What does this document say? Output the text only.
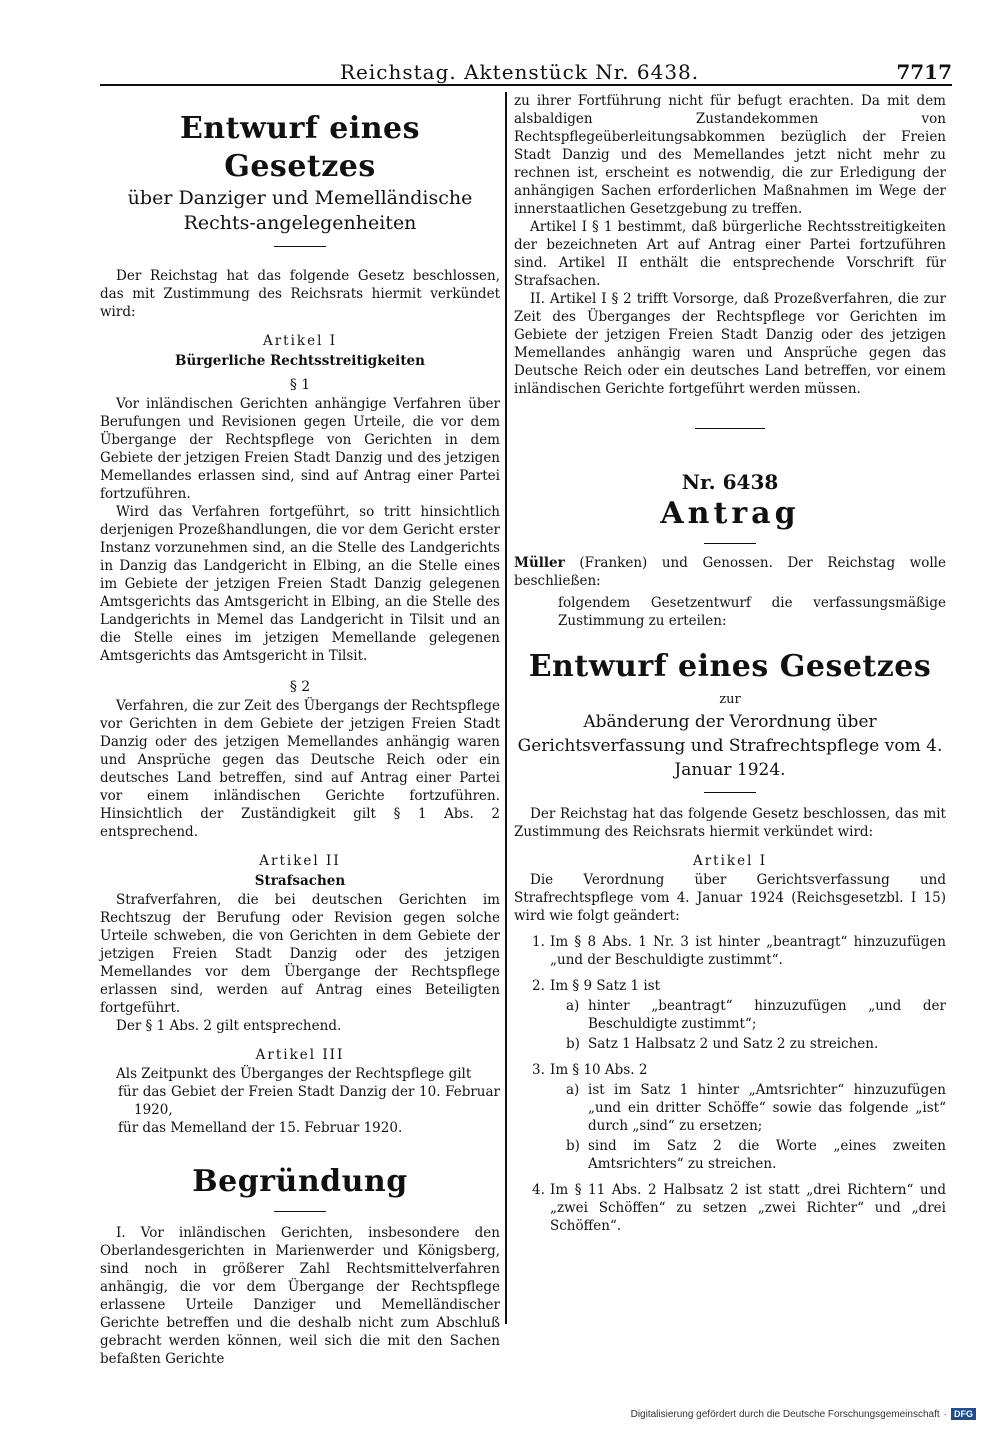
Reichstag. Aktenstück Nr. 6438.	7717
Entwurf eines Gesetzes
über Danziger und Memelländische Rechts-angelegenheiten

Der Reichstag hat das folgende Gesetz beschlossen, das mit Zustimmung des Reichsrats hiermit verkündet wird:

Artikel I
Bürgerliche Rechtsstreitigkeiten
§ 1

Vor inländischen Gerichten anhängige Verfahren über Berufungen und Revisionen gegen Urteile, die vor dem Übergange der Rechtspflege von Gerichten in dem Gebiete der jetzigen Freien Stadt Danzig und des jetzigen Memellandes erlassen sind, sind auf Antrag einer Partei fortzuführen.

Wird das Verfahren fortgeführt, so tritt hinsichtlich derjenigen Prozeßhandlungen, die vor dem Gericht erster Instanz vorzunehmen sind, an die Stelle des Landgerichts in Danzig das Landgericht in Elbing, an die Stelle eines im Gebiete der jetzigen Freien Stadt Danzig gelegenen Amtsgerichts das Amtsgericht in Elbing, an die Stelle des Landgerichts in Memel das Landgericht in Tilsit und an die Stelle eines im jetzigen Memellande gelegenen Amtsgerichts das Amtsgericht in Tilsit.

§ 2

Verfahren, die zur Zeit des Übergangs der Rechtspflege vor Gerichten in dem Gebiete der jetzigen Freien Stadt Danzig oder des jetzigen Memellandes anhängig waren und Ansprüche gegen das Deutsche Reich oder ein deutsches Land betreffen, sind auf Antrag einer Partei vor einem inländischen Gerichte fortzuführen. Hinsichtlich der Zuständigkeit gilt § 1 Abs. 2 entsprechend.

Artikel II
Strafsachen

Strafverfahren, die bei deutschen Gerichten im Rechtszug der Berufung oder Revision gegen solche Urteile schweben, die von Gerichten in dem Gebiete der jetzigen Freien Stadt Danzig oder des jetzigen Memellandes vor dem Übergange der Rechtspflege erlassen sind, werden auf Antrag eines Beteiligten fortgeführt.

Der § 1 Abs. 2 gilt entsprechend.

Artikel III

Als Zeitpunkt des Überganges der Rechtspflege gilt

für das Gebiet der Freien Stadt Danzig der 10. Februar 1920,

für das Memelland der 15. Februar 1920.

Begründung

I. Vor inländischen Gerichten, insbesondere den Oberlandesgerichten in Marienwerder und Königsberg, sind noch in größerer Zahl Rechtsmittelverfahren anhängig, die vor dem Übergange der Rechtspflege erlassene Urteile Danziger und Memelländischer Gerichte betreffen und die deshalb nicht zum Abschluß gebracht werden können, weil sich die mit den Sachen befaßten Gerichte

zu ihrer Fortführung nicht für befugt erachten. Da mit dem alsbaldigen Zustandekommen von Rechtspflegeüberleitungsabkommen bezüglich der Freien Stadt Danzig und des Memellandes jetzt nicht mehr zu rechnen ist, erscheint es notwendig, die zur Erledigung der anhängigen Sachen erforderlichen Maßnahmen im Wege der innerstaatlichen Gesetzgebung zu treffen.

Artikel I § 1 bestimmt, daß bürgerliche Rechtsstreitigkeiten der bezeichneten Art auf Antrag einer Partei fortzuführen sind. Artikel II enthält die entsprechende Vorschrift für Strafsachen.

II. Artikel I § 2 trifft Vorsorge, daß Prozeßverfahren, die zur Zeit des Überganges der Rechtspflege vor Gerichten im Gebiete der jetzigen Freien Stadt Danzig oder des jetzigen Memellandes anhängig waren und Ansprüche gegen das Deutsche Reich oder ein deutsches Land betreffen, vor einem inländischen Gerichte fortgeführt werden müssen.

Nr. 6438
Antrag

Müller (Franken) und Genossen. Der Reichstag wolle beschließen:

folgendem Gesetzentwurf die verfassungsmäßige Zustimmung zu erteilen:

Entwurf eines Gesetzes
zur
Abänderung der Verordnung über Gerichtsverfassung und Strafrechtspflege vom 4. Januar 1924.

Der Reichstag hat das folgende Gesetz beschlossen, das mit Zustimmung des Reichsrats hiermit verkündet wird:

Artikel I

Die Verordnung über Gerichtsverfassung und Strafrechtspflege vom 4. Januar 1924 (Reichsgesetzbl. I 15) wird wie folgt geändert:

1. Im § 8 Abs. 1 Nr. 3 ist hinter „beantragt“ hinzuzufügen „und der Beschuldigte zustimmt“.
2. Im § 9 Satz 1 ist
a) hinter „beantragt“ hinzuzufügen „und der Beschuldigte zustimmt“;
b) Satz 1 Halbsatz 2 und Satz 2 zu streichen.
3. Im § 10 Abs. 2
a) ist im Satz 1 hinter „Amtsrichter“ hinzuzufügen „und ein dritter Schöffe“ sowie das folgende „ist“ durch „sind“ zu ersetzen;
b) sind im Satz 2 die Worte „eines zweiten Amtsrichters“ zu streichen.
4. Im § 11 Abs. 2 Halbsatz 2 ist statt „drei Richtern“ und „zwei Schöffen“ zu setzen „zwei Richter“ und „drei Schöffen“.
Digitalisierung gefördert durch die Deutsche Forschungsgemeinschaft · DFG
